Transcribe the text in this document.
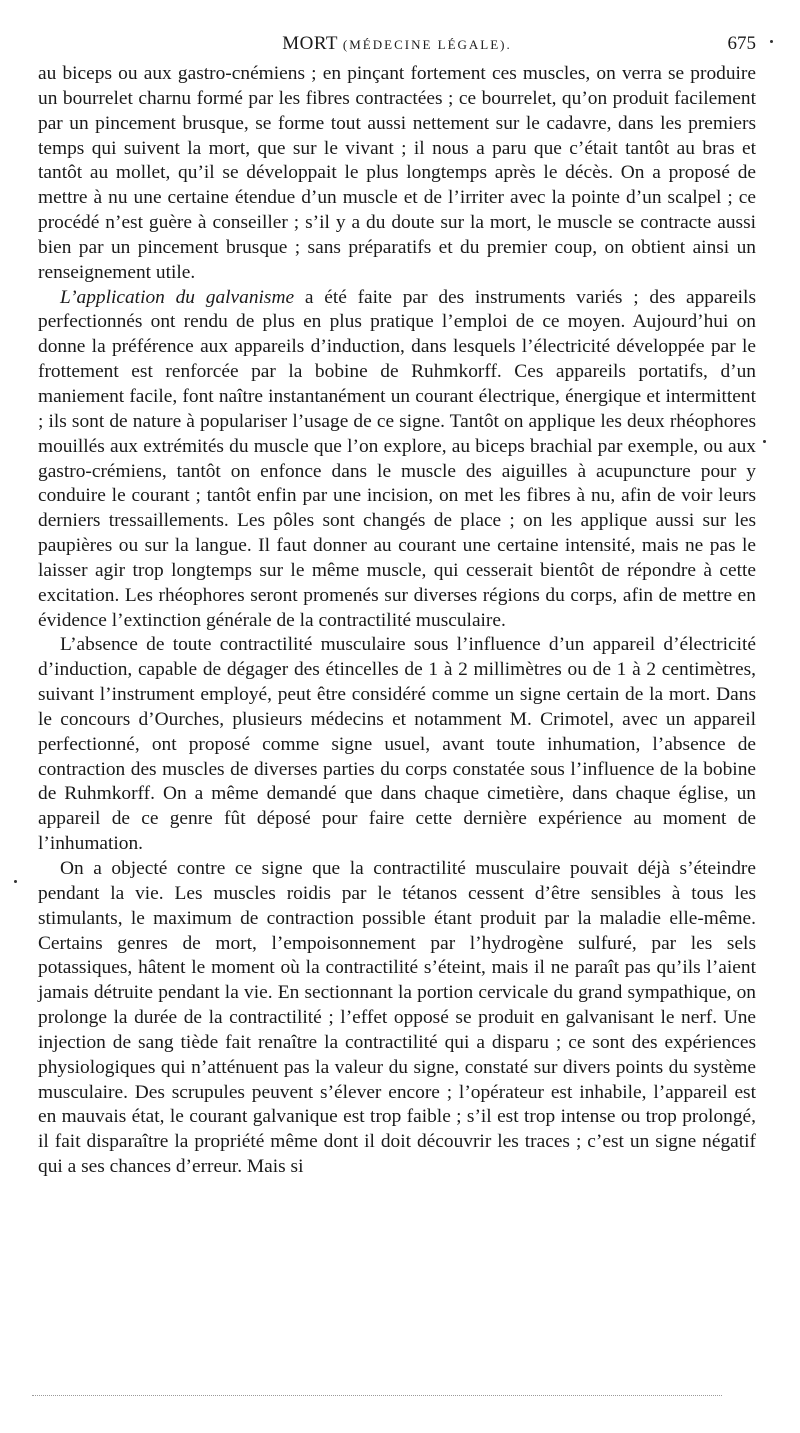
MORT (MÉDECINE LÉGALE).	675

au biceps ou aux gastro-cnémiens ; en pinçant fortement ces muscles, on verra se produire un bourrelet charnu formé par les fibres contractées ; ce bourrelet, qu’on produit facilement par un pincement brusque, se forme tout aussi nettement sur le cadavre, dans les premiers temps qui suivent la mort, que sur le vivant ; il nous a paru que c’était tantôt au bras et tantôt au mollet, qu’il se développait le plus longtemps après le décès. On a proposé de mettre à nu une certaine étendue d’un muscle et de l’irriter avec la pointe d’un scalpel ; ce procédé n’est guère à conseiller ; s’il y a du doute sur la mort, le muscle se contracte aussi bien par un pincement brusque ; sans préparatifs et du premier coup, on obtient ainsi un renseignement utile.

L’application du galvanisme a été faite par des instruments variés ; des appareils perfectionnés ont rendu de plus en plus pratique l’emploi de ce moyen. Aujourd’hui on donne la préférence aux appareils d’induction, dans lesquels l’électricité développée par le frottement est renforcée par la bobine de Ruhmkorff. Ces appareils portatifs, d’un maniement facile, font naître instantanément un courant électrique, énergique et intermittent ; ils sont de nature à populariser l’usage de ce signe. Tantôt on applique les deux rhéophores mouillés aux extrémités du muscle que l’on explore, au biceps brachial par exemple, ou aux gastro-crémiens, tantôt on enfonce dans le muscle des aiguilles à acupuncture pour y conduire le courant ; tantôt enfin par une incision, on met les fibres à nu, afin de voir leurs derniers tressaillements. Les pôles sont changés de place ; on les applique aussi sur les paupières ou sur la langue. Il faut donner au courant une certaine intensité, mais ne pas le laisser agir trop longtemps sur le même muscle, qui cesserait bientôt de répondre à cette excitation. Les rhéophores seront promenés sur diverses régions du corps, afin de mettre en évidence l’extinction générale de la contractilité musculaire.

L’absence de toute contractilité musculaire sous l’influence d’un appareil d’électricité d’induction, capable de dégager des étincelles de 1 à 2 millimètres ou de 1 à 2 centimètres, suivant l’instrument employé, peut être considéré comme un signe certain de la mort. Dans le concours d’Ourches, plusieurs médecins et notamment M. Crimotel, avec un appareil perfectionné, ont proposé comme signe usuel, avant toute inhumation, l’absence de contraction des muscles de diverses parties du corps constatée sous l’influence de la bobine de Ruhmkorff. On a même demandé que dans chaque cimetière, dans chaque église, un appareil de ce genre fût déposé pour faire cette dernière expérience au moment de l’inhumation.

On a objecté contre ce signe que la contractilité musculaire pouvait déjà s’éteindre pendant la vie. Les muscles roidis par le tétanos cessent d’être sensibles à tous les stimulants, le maximum de contraction possible étant produit par la maladie elle-même. Certains genres de mort, l’empoisonnement par l’hydrogène sulfuré, par les sels potassiques, hâtent le moment où la contractilité s’éteint, mais il ne paraît pas qu’ils l’aient jamais détruite pendant la vie. En sectionnant la portion cervicale du grand sympathique, on prolonge la durée de la contractilité ; l’effet opposé se produit en galvanisant le nerf. Une injection de sang tiède fait renaître la contractilité qui a disparu ; ce sont des expériences physiologiques qui n’atténuent pas la valeur du signe, constaté sur divers points du système musculaire. Des scrupules peuvent s’élever encore ; l’opérateur est inhabile, l’appareil est en mauvais état, le courant galvanique est trop faible ; s’il est trop intense ou trop prolongé, il fait disparaître la propriété même dont il doit découvrir les traces ; c’est un signe négatif qui a ses chances d’erreur. Mais si
